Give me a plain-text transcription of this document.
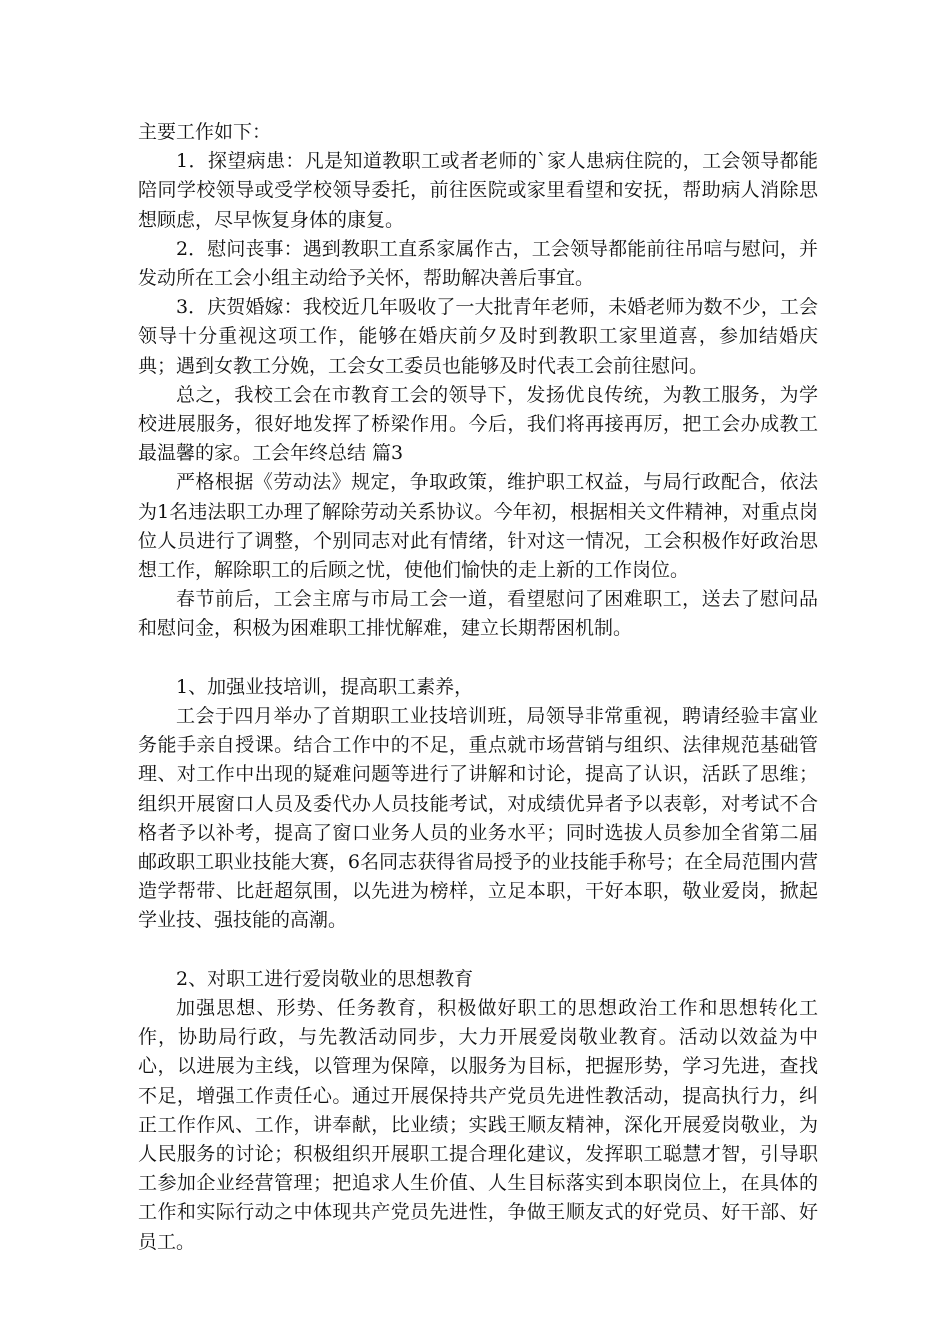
主要工作如下：

1．探望病患：凡是知道教职工或者老师的`家人患病住院的，工会领导都能陪同学校领导或受学校领导委托，前往医院或家里看望和安抚，帮助病人消除思想顾虑，尽早恢复身体的康复。

2．慰问丧事：遇到教职工直系家属作古，工会领导都能前往吊唁与慰问，并发动所在工会小组主动给予关怀，帮助解决善后事宜。

3．庆贺婚嫁：我校近几年吸收了一大批青年老师，未婚老师为数不少，工会领导十分重视这项工作，能够在婚庆前夕及时到教职工家里道喜，参加结婚庆典；遇到女教工分娩，工会女工委员也能够及时代表工会前往慰问。

总之，我校工会在市教育工会的领导下，发扬优良传统，为教工服务，为学校进展服务，很好地发挥了桥梁作用。今后，我们将再接再厉，把工会办成教工最温馨的家。工会年终总结 篇3

严格根据《劳动法》规定，争取政策，维护职工权益，与局行政配合，依法为1名违法职工办理了解除劳动关系协议。今年初，根据相关文件精神，对重点岗位人员进行了调整，个别同志对此有情绪，针对这一情况，工会积极作好政治思想工作，解除职工的后顾之忧，使他们愉快的走上新的工作岗位。

春节前后，工会主席与市局工会一道，看望慰问了困难职工，送去了慰问品和慰问金，积极为困难职工排忧解难，建立长期帮困机制。

1、加强业技培训，提高职工素养，

工会于四月举办了首期职工业技培训班，局领导非常重视，聘请经验丰富业务能手亲自授课。结合工作中的不足，重点就市场营销与组织、法律规范基础管理、对工作中出现的疑难问题等进行了讲解和讨论，提高了认识，活跃了思维；组织开展窗口人员及委代办人员技能考试，对成绩优异者予以表彰，对考试不合格者予以补考，提高了窗口业务人员的业务水平；同时选拔人员参加全省第二届邮政职工职业技能大赛，6名同志获得省局授予的业技能手称号；在全局范围内营造学帮带、比赶超氛围，以先进为榜样，立足本职，干好本职，敬业爱岗，掀起学业技、强技能的高潮。

2、对职工进行爱岗敬业的思想教育

加强思想、形势、任务教育，积极做好职工的思想政治工作和思想转化工作，协助局行政，与先教活动同步，大力开展爱岗敬业教育。活动以效益为中心，以进展为主线，以管理为保障，以服务为目标，把握形势，学习先进，查找不足，增强工作责任心。通过开展保持共产党员先进性教活动，提高执行力，纠正工作作风、工作，讲奉献，比业绩；实践王顺友精神，深化开展爱岗敬业，为人民服务的讨论；积极组织开展职工提合理化建议，发挥职工聪慧才智，引导职工参加企业经营管理；把追求人生价值、人生目标落实到本职岗位上，在具体的工作和实际行动之中体现共产党员先进性，争做王顺友式的好党员、好干部、好员工。
